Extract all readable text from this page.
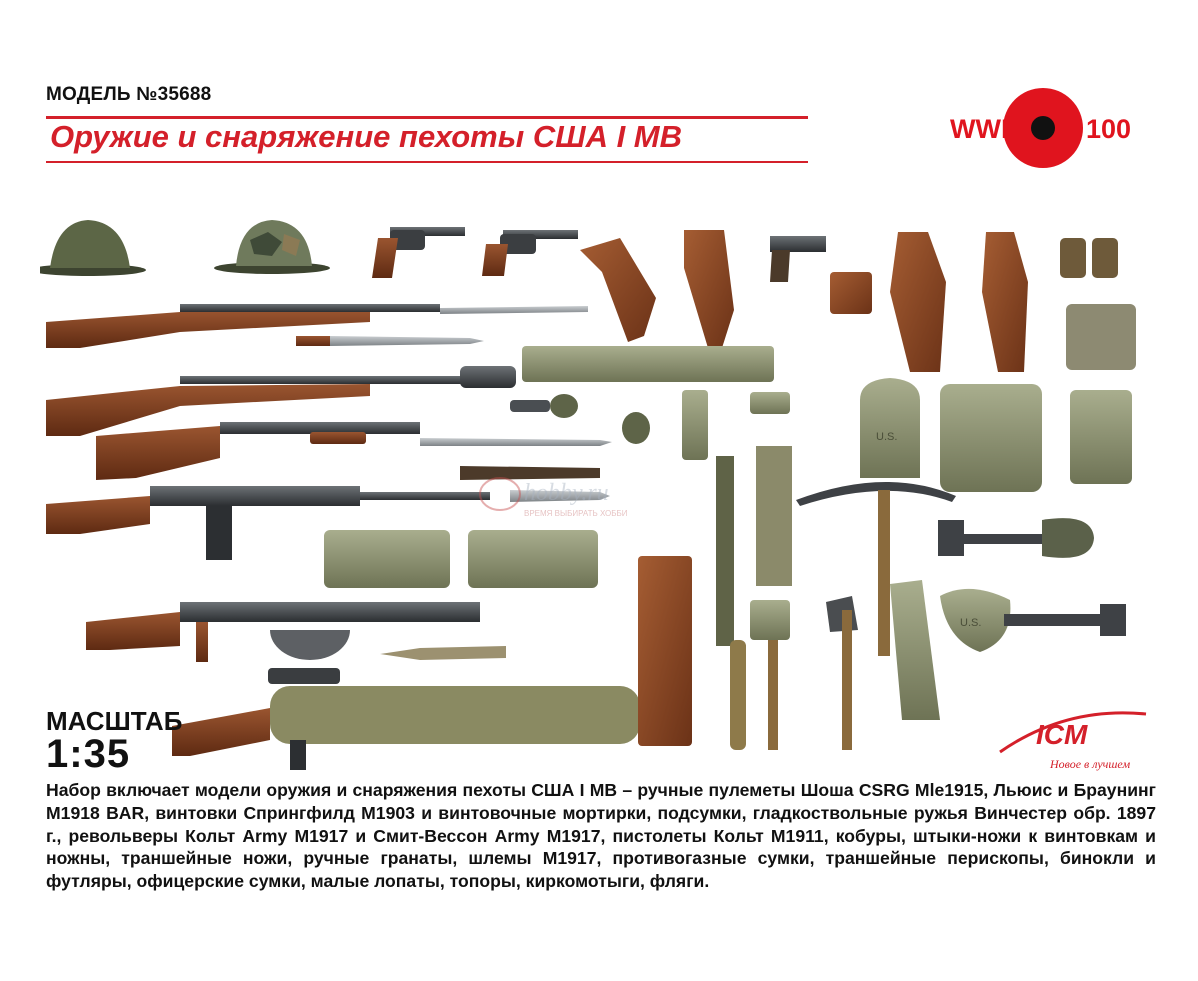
МОДЕЛЬ №35688
Оружие и снаряжение пехоты США I МВ	WWI	100
U.S.
U.S.
hobby.ru
ВРЕМЯ ВЫБИРАТЬ ХОББИ
МАСШТАБ
1:35	ICM
Новое в лучшем
Набор включает модели оружия и снаряжения пехоты США I МВ – ручные пулеметы Шоша CSRG Mle1915, Льюис и Браунинг M1918 BAR, винтовки Спрингфилд M1903 и винтовочные мортирки, подсумки, гладкоствольные ружья Винчестер обр. 1897 г., револьверы Кольт Army M1917 и Смит-Вессон Army M1917, пистолеты Кольт M1911, кобуры, штыки-ножи к винтовкам и ножны, траншейные ножи, ручные гранаты, шлемы M1917, противогазные сумки, траншейные перископы, бинокли и футляры, офицерские сумки, малые лопаты, топоры, киркомотыги, фляги.
